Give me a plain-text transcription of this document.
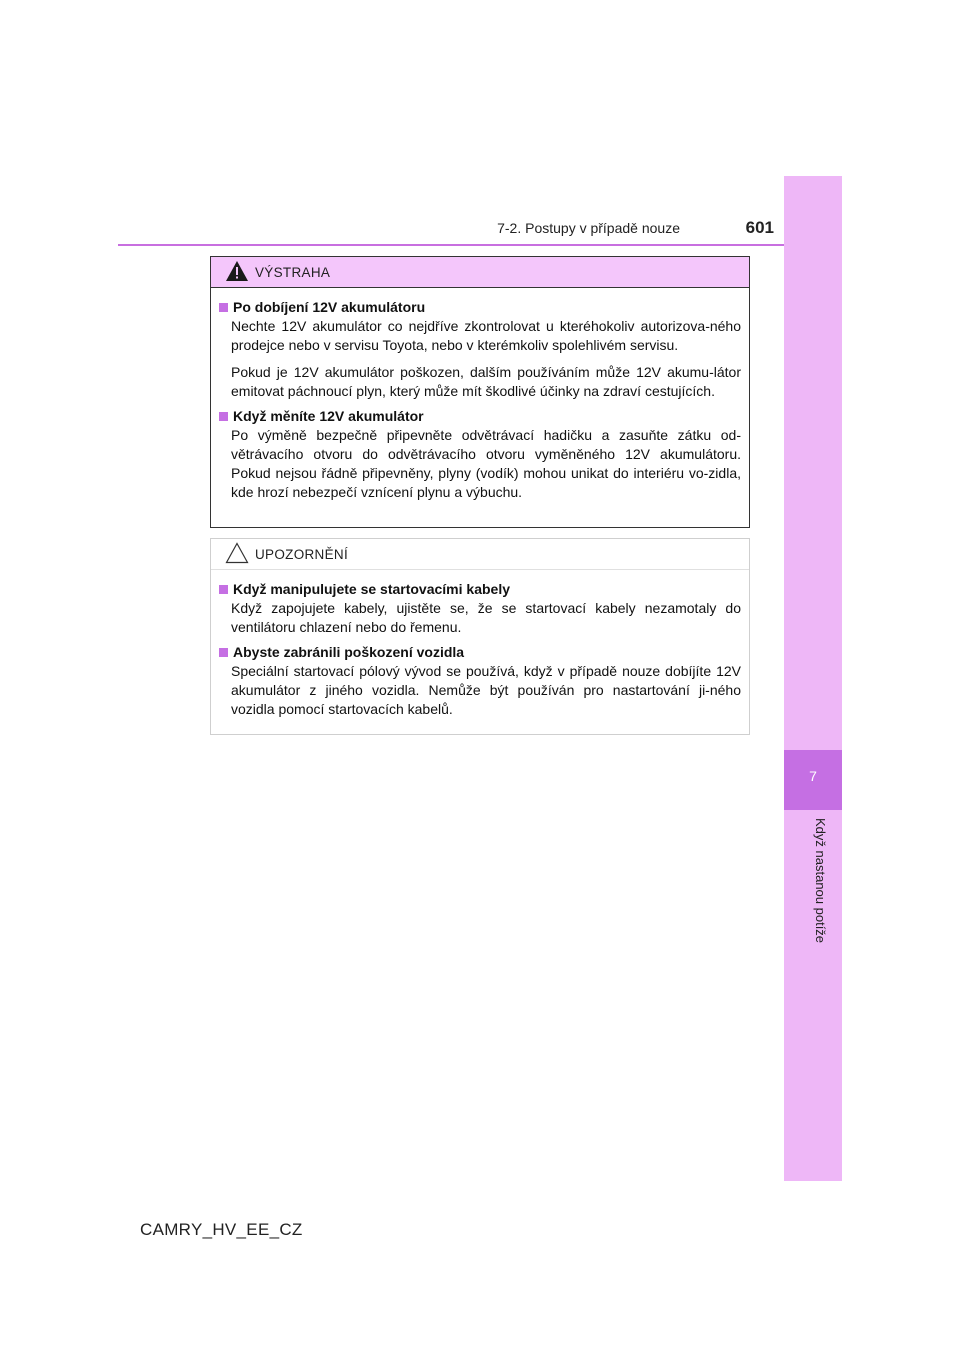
7-2. Postupy v případě nouze	601
7
Když nastanou potíže
VÝSTRAHA
Po dobíjení 12V akumulátoru
Nechte 12V akumulátor co nejdříve zkontrolovat u kteréhokoliv autorizova-ného prodejce nebo v servisu Toyota, nebo v kterémkoliv spolehlivém servisu.
Pokud je 12V akumulátor poškozen, dalším používáním může 12V akumu-látor emitovat páchnoucí plyn, který může mít škodlivé účinky na zdraví cestujících.
Když měníte 12V akumulátor
Po výměně bezpečně připevněte odvětrávací hadičku a zasuňte zátku od-větrávacího otvoru do odvětrávacího otvoru vyměněného 12V akumulátoru. Pokud nejsou řádně připevněny, plyny (vodík) mohou unikat do interiéru vo-zidla, kde hrozí nebezpečí vznícení plynu a výbuchu.
UPOZORNĚNÍ
Když manipulujete se startovacími kabely
Když zapojujete kabely, ujistěte se, že se startovací kabely nezamotaly do ventilátoru chlazení nebo do řemenu.
Abyste zabránili poškození vozidla
Speciální startovací pólový vývod se používá, když v případě nouze dobíjíte 12V akumulátor z jiného vozidla. Nemůže být používán pro nastartování ji-ného vozidla pomocí startovacích kabelů.
CAMRY_HV_EE_CZ
